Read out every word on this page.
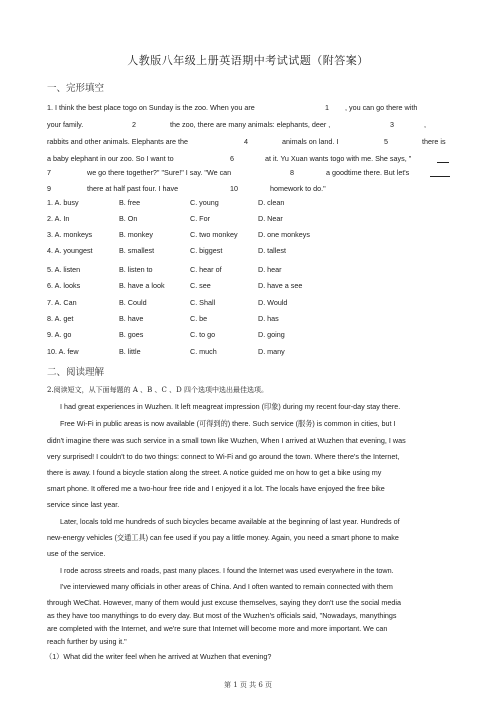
人教版八年级上册英语期中考试试题（附答案）
一、完形填空
1. I think the best place togo on Sunday is the zoo. When you are	1 , you can go there with
your family.	2	the zoo, there are many animals: elephants, deer ,	3	,
rabbits and other animals. Elephants are the	4	animals on land. I	5	there is
a baby elephant in our zoo. So I want to	6	at it. Yu Xuan wants togo with me. She says, "
7	we go there together?" "Sure!" I say. "We can	8	a goodtime there. But let's
9	there at half past four. I have	10	homework to do."
1. A. busy	B. free	C. young	D. clean
2. A. In	B. On	C. For	D. Near
3. A. monkeys	B. monkey	C. two monkey	D. one monkeys
4. A. youngest	B. smallest	C. biggest	D. tallest
5. A. listen	B. listen to	C. hear of	D. hear
6. A. looks	B. have a look	C. see	D. have a see
7. A. Can	B. Could	C. Shall	D. Would
8. A. get	B. have	C. be	D. has
9. A. go	B. goes	C. to go	D. going
10. A. few	B. little	C. much	D. many
二、阅读理解
2.阅读短文，从下面每题的 A 、B 、C 、D 四个选项中选出最佳选项。
I had great experiences in Wuzhen. It left meagreat impression (印象) during my recent four-day stay there.
Free Wi-Fi in public areas is now available (可得到的) there. Such service (服务) is common in cities, but I
didn't imagine there was such service in a small town like Wuzhen, When I arrived at Wuzhen that evening, I was
very surprised! I couldn't to do two things: connect to Wi-Fi and go around the town. Where there's the Internet,
there is away. I found a bicycle station along the street. A notice guided me on how to get a bike using my
smart phone. It offered me a two-hour free ride and I enjoyed it a lot. The locals have enjoyed the free bike
service since last year.
Later, locals told me hundreds of such bicycles became available at the beginning of last year. Hundreds of
new-energy vehicles (交通工具) can fee used if you pay a little money. Again, you need a smart phone to make
use of the service.
I rode across streets and roads, past many places. I found the Internet was used everywhere in the town.
I've interviewed many officials in other areas of China. And I often wanted to remain connected with them
through WeChat. However, many of them would just excuse themselves, saying they don't use the social media
as they have too manythings to do every day. But most of the Wuzhen's officials said, "Nowadays, manythings
are completed with the Internet, and we're sure that Internet will become more and more important. We can
reach further by using it."
（1）What did the writer feel when he arrived at Wuzhen that evening?
第 1 页 共 6 页
